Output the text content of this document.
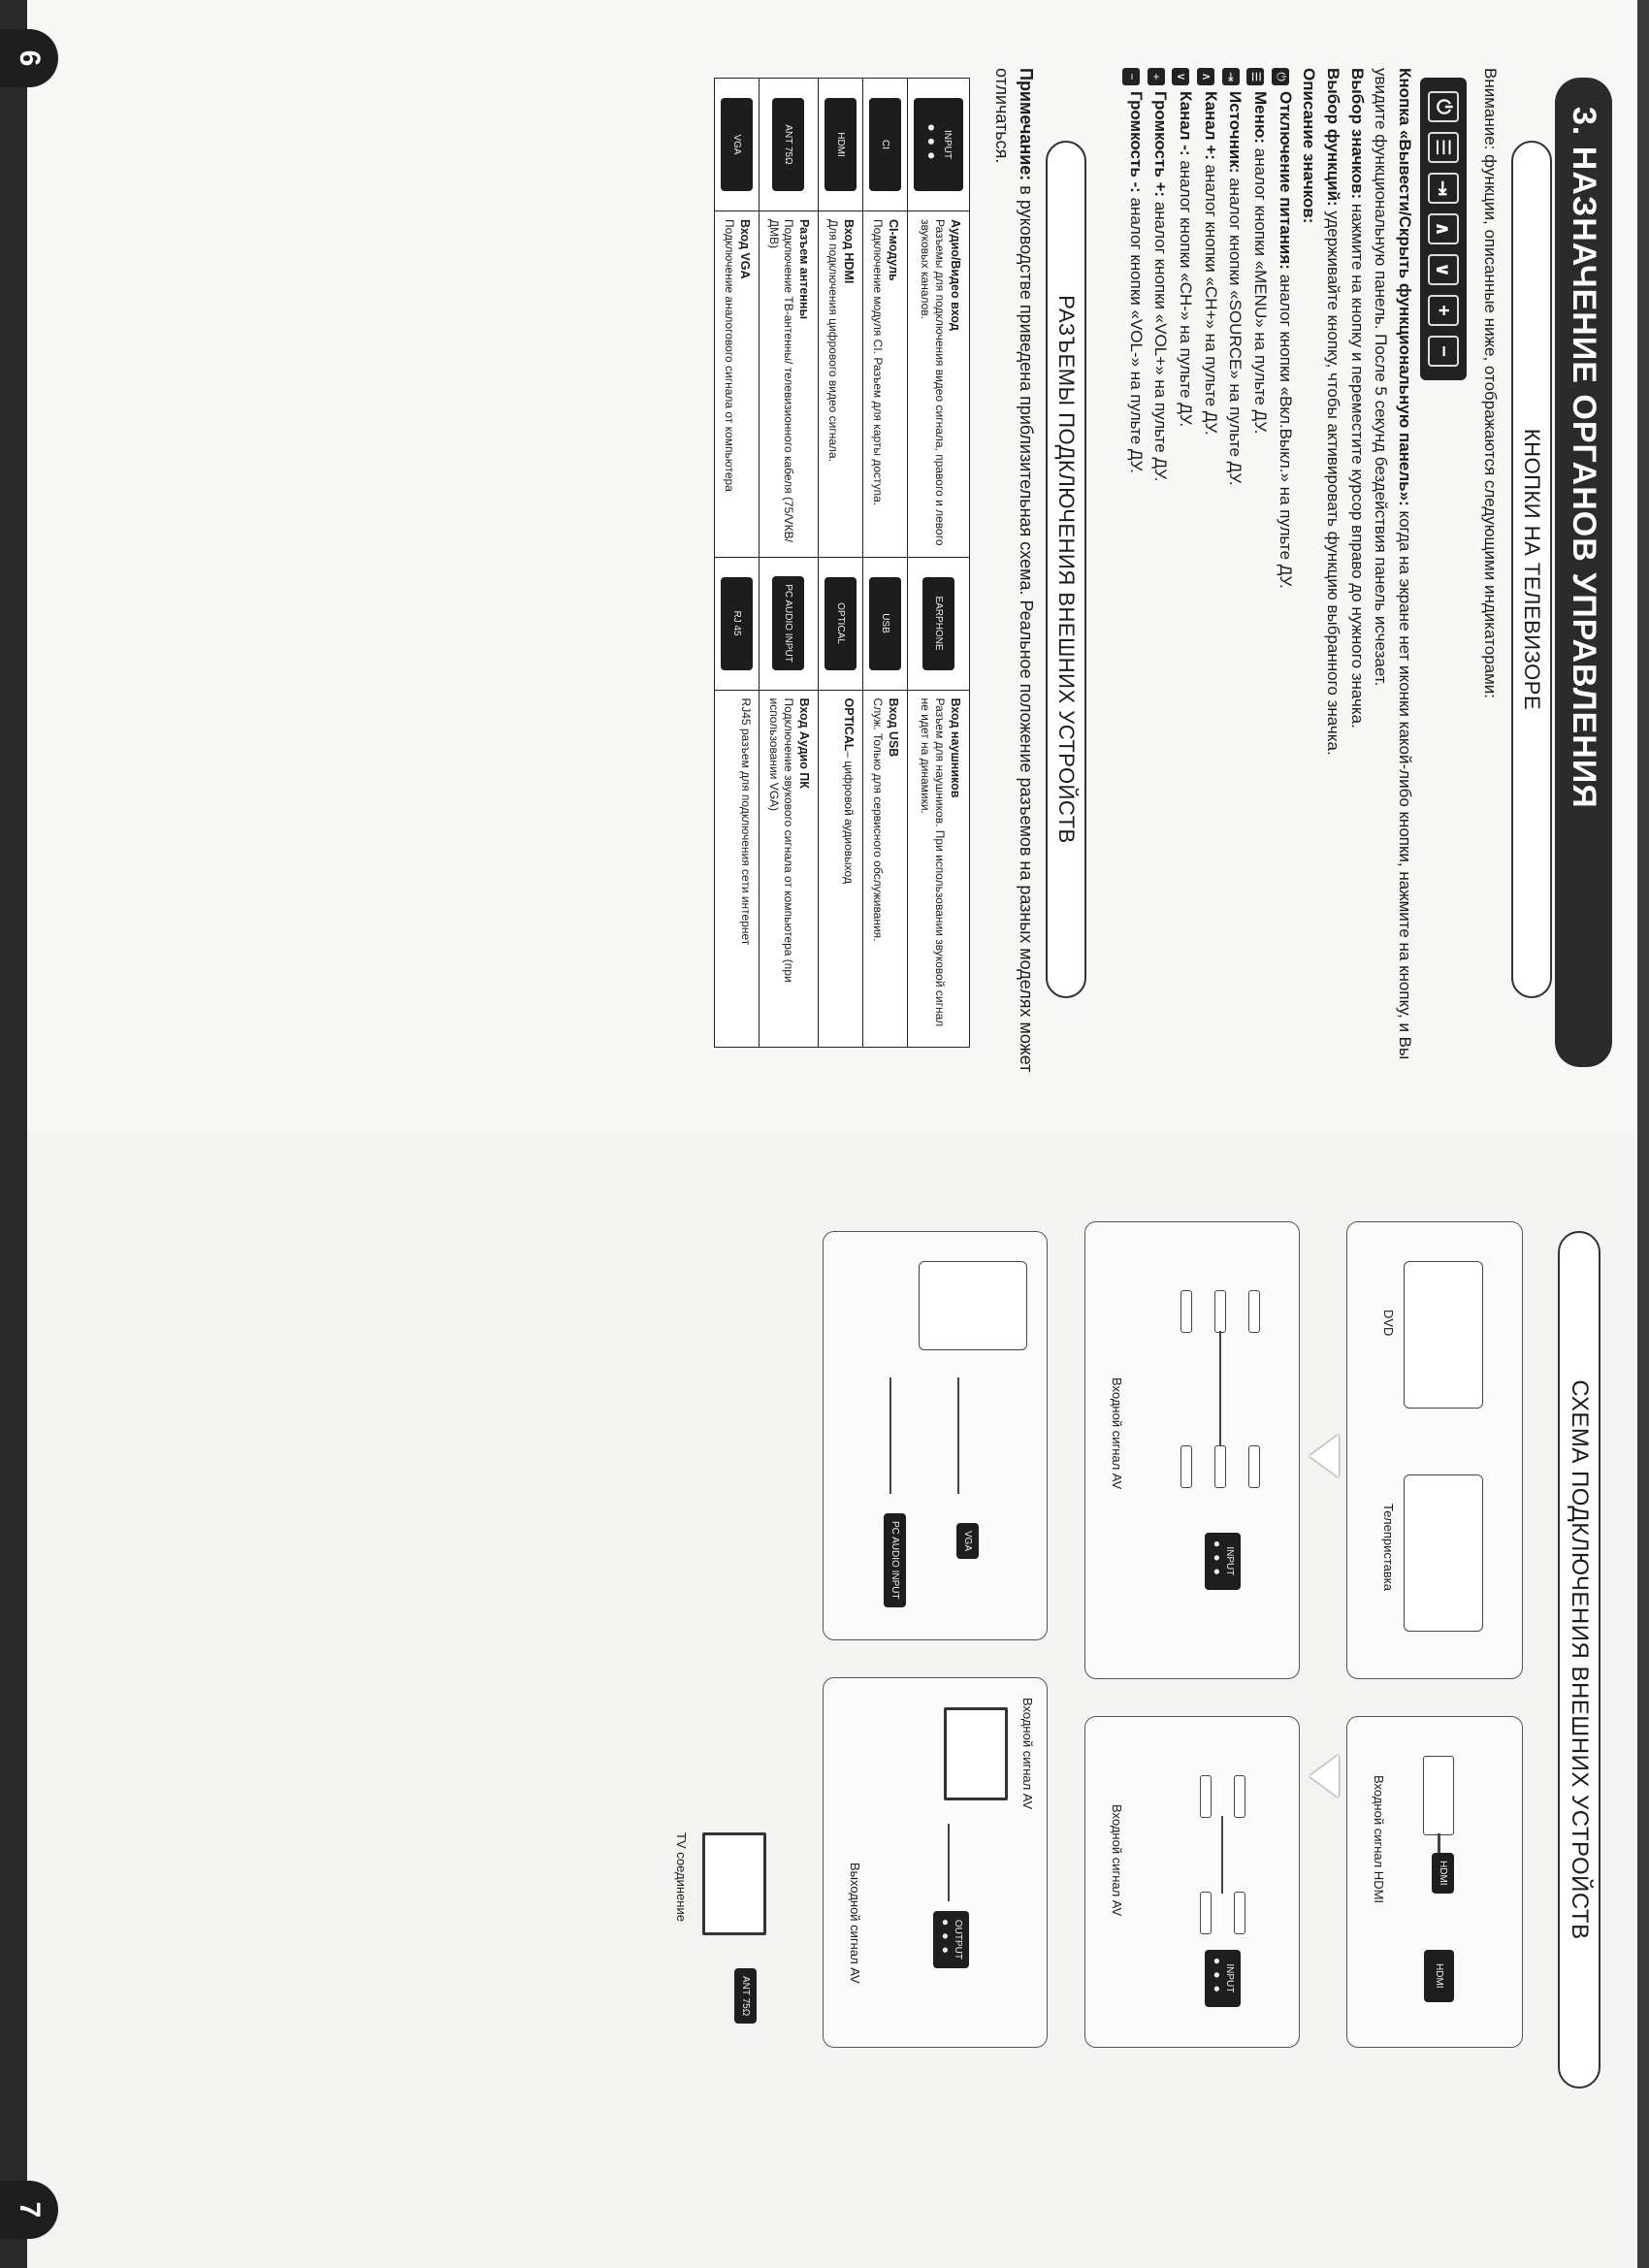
3. НАЗНАЧЕНИЕ ОРГАНОВ УПРАВЛЕНИЯ
КНОПКИ НА ТЕЛЕВИЗОРЕ
Внимание: функции, описанные ниже, отображаются следующими индикаторами:
⏻
☰
⇥
∧
∨
+
−
Кнопка «Вывести/Скрыть функциональную панель»: когда на экране нет иконки какой-либо кнопки, нажмите на кнопку, и Вы увидите функциональную панель. После 5 секунд бездействия панель исчезает.
Выбор значков: нажмите на кнопку и переместите курсор вправо до нужного значка.
Выбор функций: удерживайте кнопку, чтобы активировать функцию выбранного значка.
Описание значков:
⏻Отключение питания: аналог кнопки «Вкл.Выкл.» на пульте ДУ.
☰Меню: аналог кнопки «MENU» на пульте ДУ.
⇥Источник: аналог кнопки «SOURCE» на пульте ДУ.
∧Канал +: аналог кнопки «CH+» на пульте ДУ.
∨Канал -: аналог кнопки «CH-» на пульте ДУ.
+Громкость +: аналог кнопки «VOL+» на пульте ДУ.
−Громкость -: аналог кнопки «VOL-» на пульте ДУ.
РАЗЪЕМЫ ПОДКЛЮЧЕНИЯ ВНЕШНИХ УСТРОЙСТВ
Примечание: в руководстве приведена приблизительная схема. Реальное положение разъемов на разных моделях может отличаться.
INPUT
●●●	Аудио/Видео вход
Разъемы для подключения видео сигнала, правого и левого звуковых каналов.	EARPHONE	Вход наушников
Разъем для наушников. При использовании звуковой сигнал не идет на динамики.
CI	CI-модуль
Подключение модуля CI. Разъем для карты доступа.	USB	Вход USB
Служ. Только для сервисного обслуживания.
HDMI	Вход HDMI
Для подключения цифрового видео сигнала.	OPTICAL	OPTICAL– цифровой аудиовыход
ANT 75Ω	Разъем антенны
Подключение ТВ-антенны/ телевизионного кабеля (75/VКВ/ДМВ)	PC AUDIO INPUT	Вход Аудио ПК
Подключение звукового сигнала от компьютера (при использовании VGA)
VGA	Вход VGA
Подключение аналогового сигнала от компьютера	RJ 45	RJ45 разъем для подключения сети интернет
6
СХЕМА ПОДКЛЮЧЕНИЯ ВНЕШНИХ УСТРОЙСТВ
DVD
Телеприставка
HDMI
HDMI
Входной сигнал HDMI
INPUT
●●●
Входной сигнал AV
INPUT
●●●
Входной сигнал AV
VGA
PC AUDIO INPUT
Входной сигнал AV
OUTPUT
●●●
Выходной сигнал AV
ANT 75Ω
TV соединение
7
